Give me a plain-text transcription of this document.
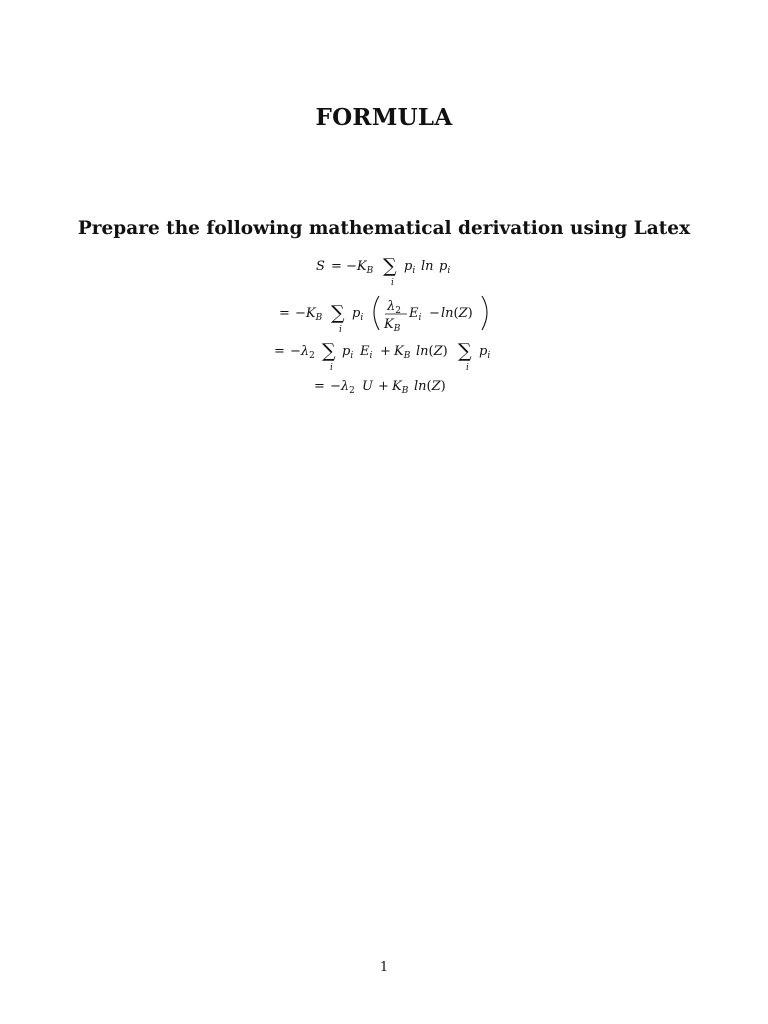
FORMULA
Prepare the following mathematical derivation using Latex
$S = -K_B$ ∑
i
$p_i$ $\ln p_i$
= $-K_B$ ∑
i
$p_i$
$\lambda_2$
$K_B$
$E_i - \ln(Z)$
= $-\lambda_2$ ∑
i
$p_i$ $E_i + K_B$ ln(Z) ∑
i
$p_i$
= $-\lambda_2$ $U + K_B$ ln(Z)
1
